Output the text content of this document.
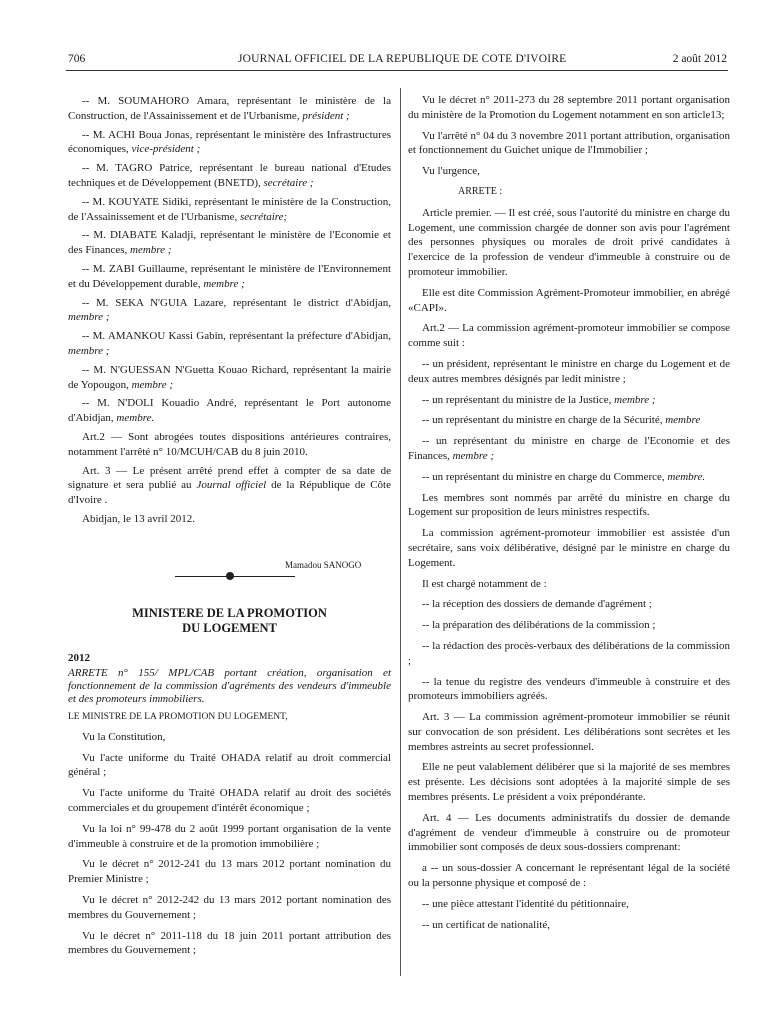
706	JOURNAL OFFICIEL DE LA REPUBLIQUE DE COTE D'IVOIRE	2 août 2012

-- M. SOUMAHORO Amara, représentant le ministère de la Construction, de l'Assainissement et de l'Urbanisme, président ;

-- M. ACHI Boua Jonas, représentant le ministère des Infrastructures économiques, vice-président ;

-- M. TAGRO Patrice, représentant le bureau national d'Etudes techniques et de Développement (BNETD), secrétaire ;

-- M. KOUYATE Sidiki, représentant le ministère de la Construction, de l'Assainissement et de l'Urbanisme, secrétaire;

-- M. DIABATE Kaladji, représentant le ministère de l'Economie et des Finances, membre ;

-- M. ZABI Guillaume, représentant le ministère de l'Environnement et du Développement durable, membre ;

-- M. SEKA N'GUIA Lazare, représentant le district d'Abidjan, membre ;

-- M. AMANKOU Kassi Gabin, représentant la préfecture d'Abidjan, membre ;

-- M. N'GUESSAN N'Guetta Kouao Richard, représentant la mairie de Yopougon, membre ;

-- M. N'DOLI Kouadio André, représentant le Port autonome d'Abidjan, membre.

Art.2 — Sont abrogées toutes dispositions antérieures contraires, notamment l'arrêté n° 10/MCUH/CAB du 8 juin 2010.

Art. 3 — Le présent arrêté prend effet à compter de sa date de signature et sera publié au Journal officiel de la République de Côte d'Ivoire .

Abidjan, le 13 avril 2012.

Mamadou SANOGO
MINISTERE DE LA PROMOTION
DU LOGEMENT
2012
ARRETE n° 155/ MPL/CAB portant création, organisation et fonctionnement de la commission d'agréments des vendeurs d'immeuble et des promoteurs immobiliers.

LE MINISTRE DE LA PROMOTION DU LOGEMENT,

Vu la Constitution,

Vu l'acte uniforme du Traité OHADA relatif au droit commercial général ;

Vu l'acte uniforme du Traité OHADA relatif au droit des sociétés commerciales et du groupement d'intérêt économique ;

Vu la loi n° 99-478 du 2 août 1999 portant organisation de la vente d'immeuble à construire et de la promotion immobilière ;

Vu le décret n° 2012-241 du 13 mars 2012 portant nomination du Premier Ministre ;

Vu le décret n° 2012-242 du 13 mars 2012 portant nomination des membres du Gouvernement ;

Vu le décret n° 2011-118 du 18 juin 2011 portant attribution des membres du Gouvernement ;

Vu le décret n° 2011-273 du 28 septembre 2011 portant organisation du ministère de la Promotion du Logement notamment en son article13;

Vu l'arrêté n° 04 du 3 novembre 2011 portant attribution, organisation et fonctionnement du Guichet unique de l'Immobilier ;

Vu l'urgence,

ARRETE :

Article premier. — Il est créé, sous l'autorité du ministre en charge du Logement, une commission chargée de donner son avis pour l'agrément des personnes physiques ou morales de droit privé candidates à l'exercice de la profession de vendeur d'immeuble à construire ou de promoteur immobilier.

Elle est dite Commission Agrément-Promoteur immobilier, en abrégé «CAPI».

Art.2 — La commission agrément-promoteur immobilier se compose comme suit :

-- un président, représentant le ministre en charge du Logement et de deux autres membres désignés par ledit ministre ;

-- un représentant du ministre de la Justice, membre ;

-- un représentant du ministre en charge de la Sécurité, membre

-- un représentant du ministre en charge de l'Economie et des Finances, membre ;

-- un représentant du ministre en charge du Commerce, membre.

Les membres sont nommés par arrêté du ministre en charge du Logement sur proposition de leurs ministres respectifs.

La commission agrément-promoteur immobilier est assistée d'un secrétaire, sans voix délibérative, désigné par le ministre en charge du Logement.

Il est chargé notamment de :

-- la réception des dossiers de demande d'agrément ;

-- la préparation des délibérations de la commission ;

-- la rédaction des procès-verbaux des délibérations de la commission ;

-- la tenue du registre des vendeurs d'immeuble à construire et des promoteurs immobiliers agréés.

Art. 3 — La commission agrément-promoteur immobilier se réunit sur convocation de son président. Les délibérations sont secrètes et les membres astreints au secret professionnel.

Elle ne peut valablement délibérer que si la majorité de ses membres est présente. Les décisions sont adoptées à la majorité simple de ses membres présents. Le président a voix prépondérante.

Art. 4 — Les documents administratifs du dossier de demande d'agrément de vendeur d'immeuble à construire ou de promoteur immobilier sont composés de deux sous-dossiers comprenant:

a -- un sous-dossier A concernant le représentant légal de la société ou la personne physique et composé de :

-- une pièce attestant l'identité du pétitionnaire,

-- un certificat de nationalité,
